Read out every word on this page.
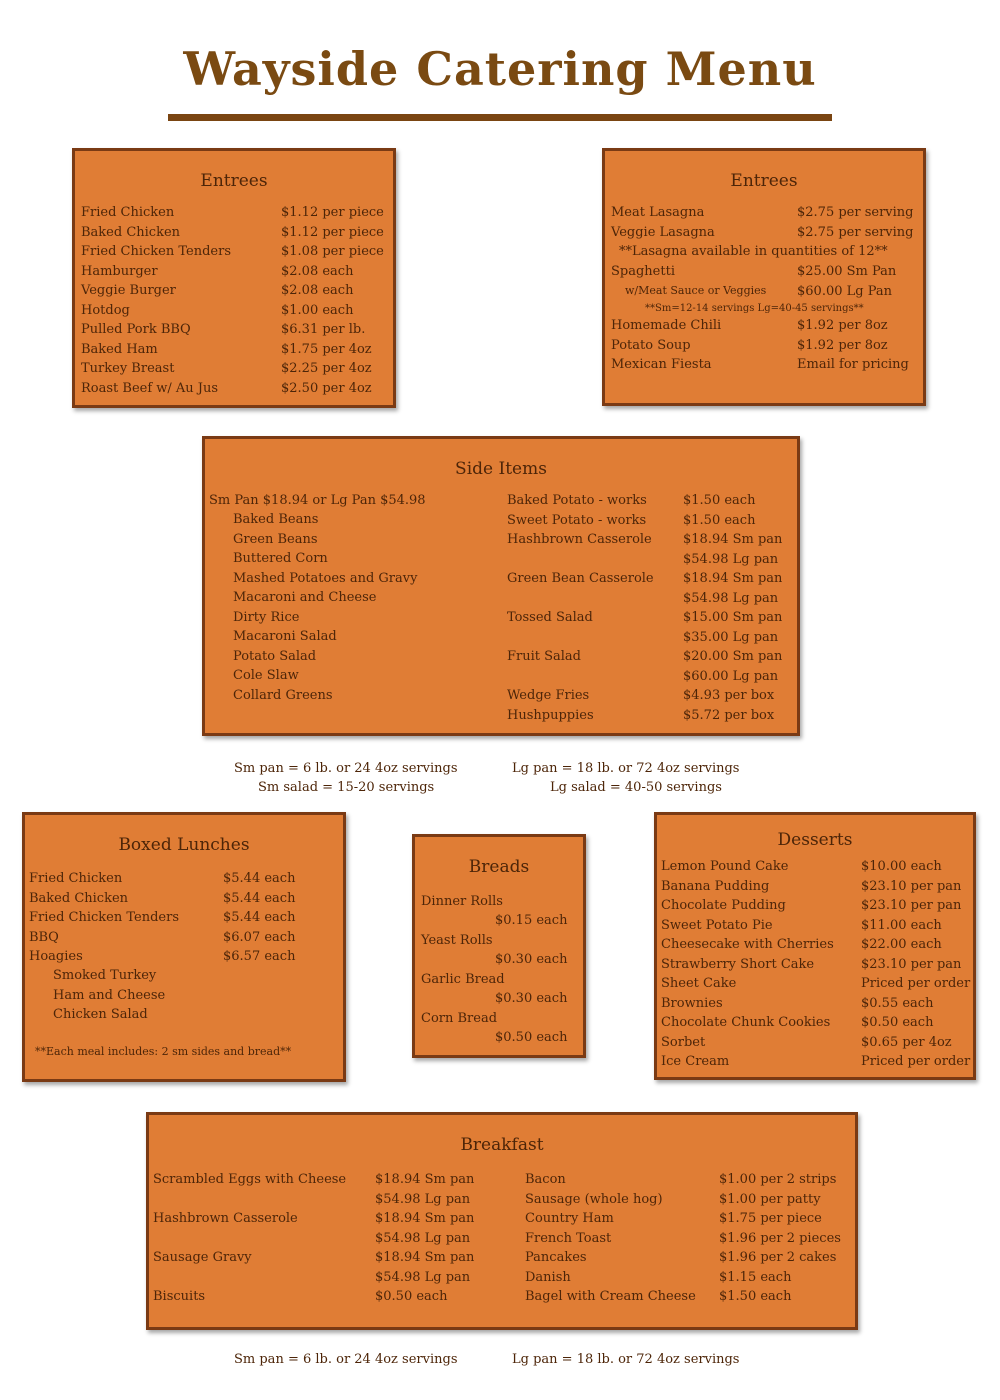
Wayside Catering Menu
Entrees
Fried Chicken	$1.12 per piece
Baked Chicken	$1.12 per piece
Fried Chicken Tenders	$1.08 per piece
Hamburger	$2.08 each
Veggie Burger	$2.08 each
Hotdog	$1.00 each
Pulled Pork BBQ	$6.31 per lb.
Baked Ham	$1.75 per 4oz
Turkey Breast	$2.25 per 4oz
Roast Beef w/ Au Jus	$2.50 per 4oz
Entrees
Meat Lasagna	$2.75 per serving
Veggie Lasagna	$2.75 per serving
**Lasagna available in quantities of 12**
Spaghetti	$25.00 Sm Pan
w/Meat Sauce or Veggies $60.00 Lg Pan
**Sm=12-14 servings Lg=40-45 servings**
Homemade Chili	$1.92 per 8oz
Potato Soup	$1.92 per 8oz
Mexican Fiesta	Email for pricing
Side Items
Sm Pan $18.94 or Lg Pan $54.98
Baked Beans
Green Beans
Buttered Corn
Mashed Potatoes and Gravy
Macaroni and Cheese
Dirty Rice
Macaroni Salad
Potato Salad
Cole Slaw
Collard Greens
Baked Potato - works	$1.50 each
Sweet Potato - works	$1.50 each
Hashbrown Casserole $18.94 Sm pan
$54.98 Lg pan
Green Bean Casserole $18.94 Sm pan
$54.98 Lg pan
Tossed Salad	$15.00 Sm pan
$35.00 Lg pan
Fruit Salad	$20.00 Sm pan
$60.00 Lg pan
Wedge Fries	$4.93 per box
Hushpuppies	$5.72 per box
Sm pan = 6 lb. or 24 4oz servings	Lg pan = 18 lb. or 72 4oz servings
Sm salad = 15-20 servings	Lg salad = 40-50 servings
Boxed Lunches
Fried Chicken	$5.44 each
Baked Chicken	$5.44 each
Fried Chicken Tenders	$5.44 each
BBQ	$6.07 each
Hoagies	$6.57 each
Smoked Turkey
Ham and Cheese
Chicken Salad
**Each meal includes: 2 sm sides and bread**
Breads
Dinner Rolls
$0.15 each
Yeast Rolls
$0.30 each
Garlic Bread
$0.30 each
Corn Bread
$0.50 each
Desserts
Lemon Pound Cake	$10.00 each
Banana Pudding	$23.10 per pan
Chocolate Pudding	$23.10 per pan
Sweet Potato Pie	$11.00 each
Cheesecake with Cherries $22.00 each
Strawberry Short Cake	$23.10 per pan
Sheet Cake	Priced per order
Brownies	$0.55 each
Chocolate Chunk Cookies $0.50 each
Sorbet	$0.65 per 4oz
Ice Cream	Priced per order
Breakfast
Scrambled Eggs with Cheese $18.94 Sm pan
$54.98 Lg pan
Hashbrown Casserole	$18.94 Sm pan
$54.98 Lg pan
Sausage Gravy	$18.94 Sm pan
$54.98 Lg pan
Biscuits	$0.50 each
Bacon	$1.00 per 2 strips
Sausage (whole hog)	$1.00 per patty
Country Ham	$1.75 per piece
French Toast	$1.96 per 2 pieces
Pancakes	$1.96 per 2 cakes
Danish	$1.15 each
Bagel with Cream Cheese $1.50 each
Sm pan = 6 lb. or 24 4oz servings	Lg pan = 18 lb. or 72 4oz servings
